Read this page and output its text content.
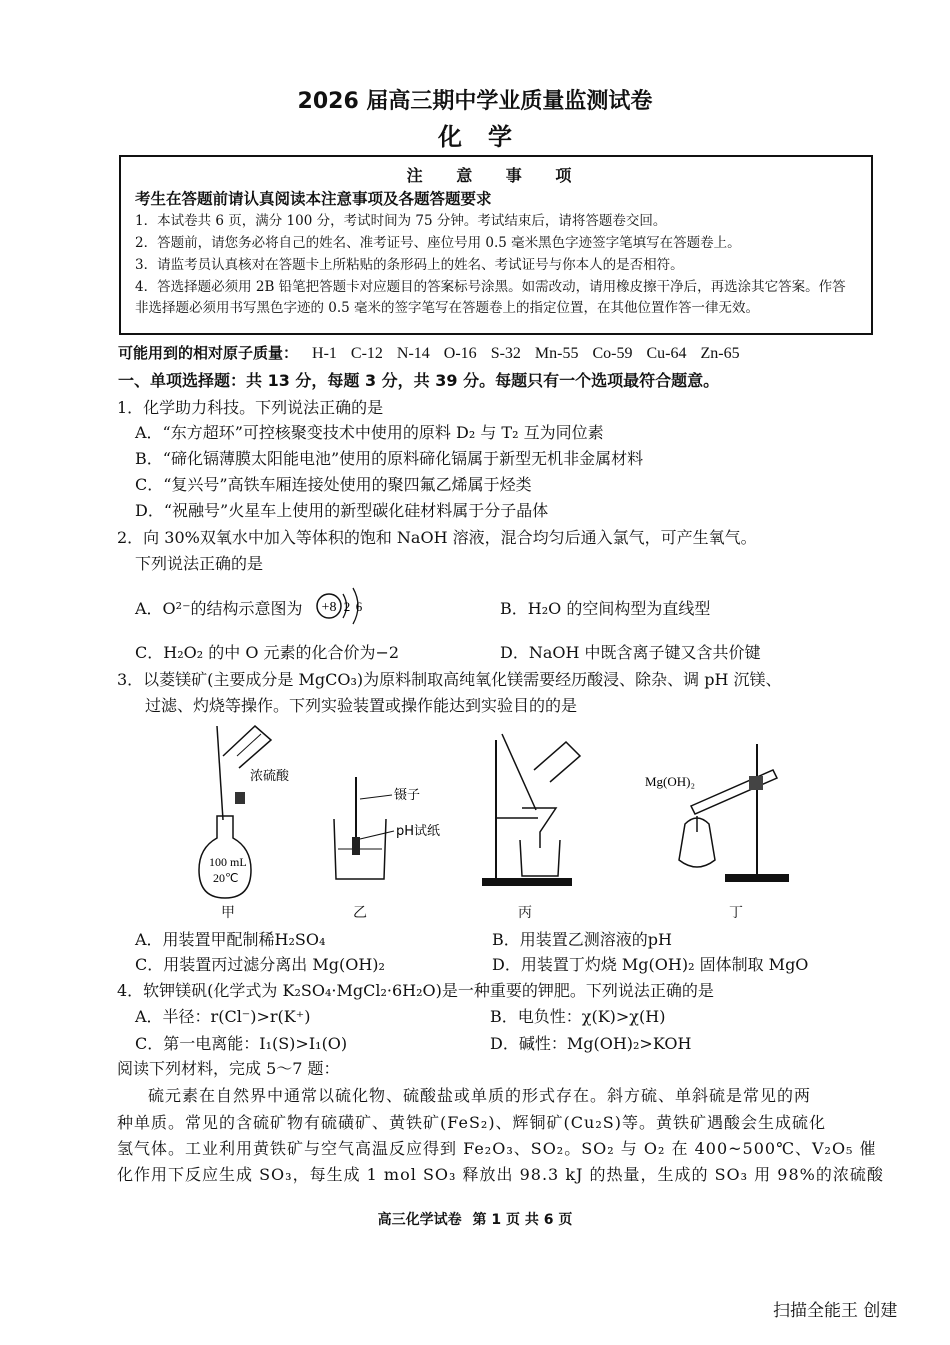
2026 届高三期中学业质量监测试卷
化学
注 意 事 项
考生在答题前请认真阅读本注意事项及各题答题要求
1．本试卷共 6 页，满分 100 分，考试时间为 75 分钟。考试结束后，请将答题卷交回。
2．答题前，请您务必将自己的姓名、准考证号、座位号用 0.5 毫米黑色字迹签字笔填写在答题卷上。
3．请监考员认真核对在答题卡上所粘贴的条形码上的姓名、考试证号与你本人的是否相符。
4．答选择题必须用 2B 铅笔把答题卡对应题目的答案标号涂黑。如需改动，请用橡皮擦干净后，再选涂其它答案。作答非选择题必须用书写黑色字迹的 0.5 毫米的签字笔写在答题卷上的指定位置，在其他位置作答一律无效。
可能用到的相对原子质量： H-1 C-12 N-14 O-16 S-32 Mn-55 Co-59 Cu-64 Zn-65
一、单项选择题：共 13 分，每题 3 分，共 39 分。每题只有一个选项最符合题意。
1．化学助力科技。下列说法正确的是
A．“东方超环”可控核聚变技术中使用的原料 D₂ 与 T₂ 互为同位素
B．“碲化镉薄膜太阳能电池”使用的原料碲化镉属于新型无机非金属材料
C．“复兴号”高铁车厢连接处使用的聚四氟乙烯属于烃类
D．“祝融号”火星车上使用的新型碳化硅材料属于分子晶体
2．向 30%双氧水中加入等体积的饱和 NaOH 溶液，混合均匀后通入氯气，可产生氧气。
下列说法正确的是
A．O²⁻的结构示意图为 +8 2 6	B．H₂O 的空间构型为直线型
C．H₂O₂ 的中 O 元素的化合价为−2	D．NaOH 中既含离子键又含共价键
3．以菱镁矿(主要成分是 MgCO₃)为原料制取高纯氧化镁需要经历酸浸、除杂、调 pH 沉镁、
过滤、灼烧等操作。下列实验装置或操作能达到实验目的的是
100 mL
20℃
浓硫酸
甲
镊子
pH试纸
乙	丙
Mg(OH)₂
丁
A．用装置甲配制稀H₂SO₄	B．用装置乙测溶液的pH
C．用装置丙过滤分离出 Mg(OH)₂	D．用装置丁灼烧 Mg(OH)₂ 固体制取 MgO
4．软钾镁矾(化学式为 K₂SO₄·MgCl₂·6H₂O)是一种重要的钾肥。下列说法正确的是
A．半径：r(Cl⁻)>r(K⁺)	B．电负性：χ(K)>χ(H)
C．第一电离能：I₁(S)>I₁(O)	D．碱性：Mg(OH)₂>KOH
阅读下列材料，完成 5～7 题：
硫元素在自然界中通常以硫化物、硫酸盐或单质的形式存在。斜方硫、单斜硫是常见的两
种单质。常见的含硫矿物有硫磺矿、黄铁矿(FeS₂)、辉铜矿(Cu₂S)等。黄铁矿遇酸会生成硫化
氢气体。工业利用黄铁矿与空气高温反应得到 Fe₂O₃、SO₂。SO₂ 与 O₂ 在 400~500℃、V₂O₅ 催
化作用下反应生成 SO₃，每生成 1 mol SO₃ 释放出 98.3 kJ 的热量，生成的 SO₃ 用 98%的浓硫酸
高三化学试卷 第 1 页 共 6 页
扫描全能王 创建
